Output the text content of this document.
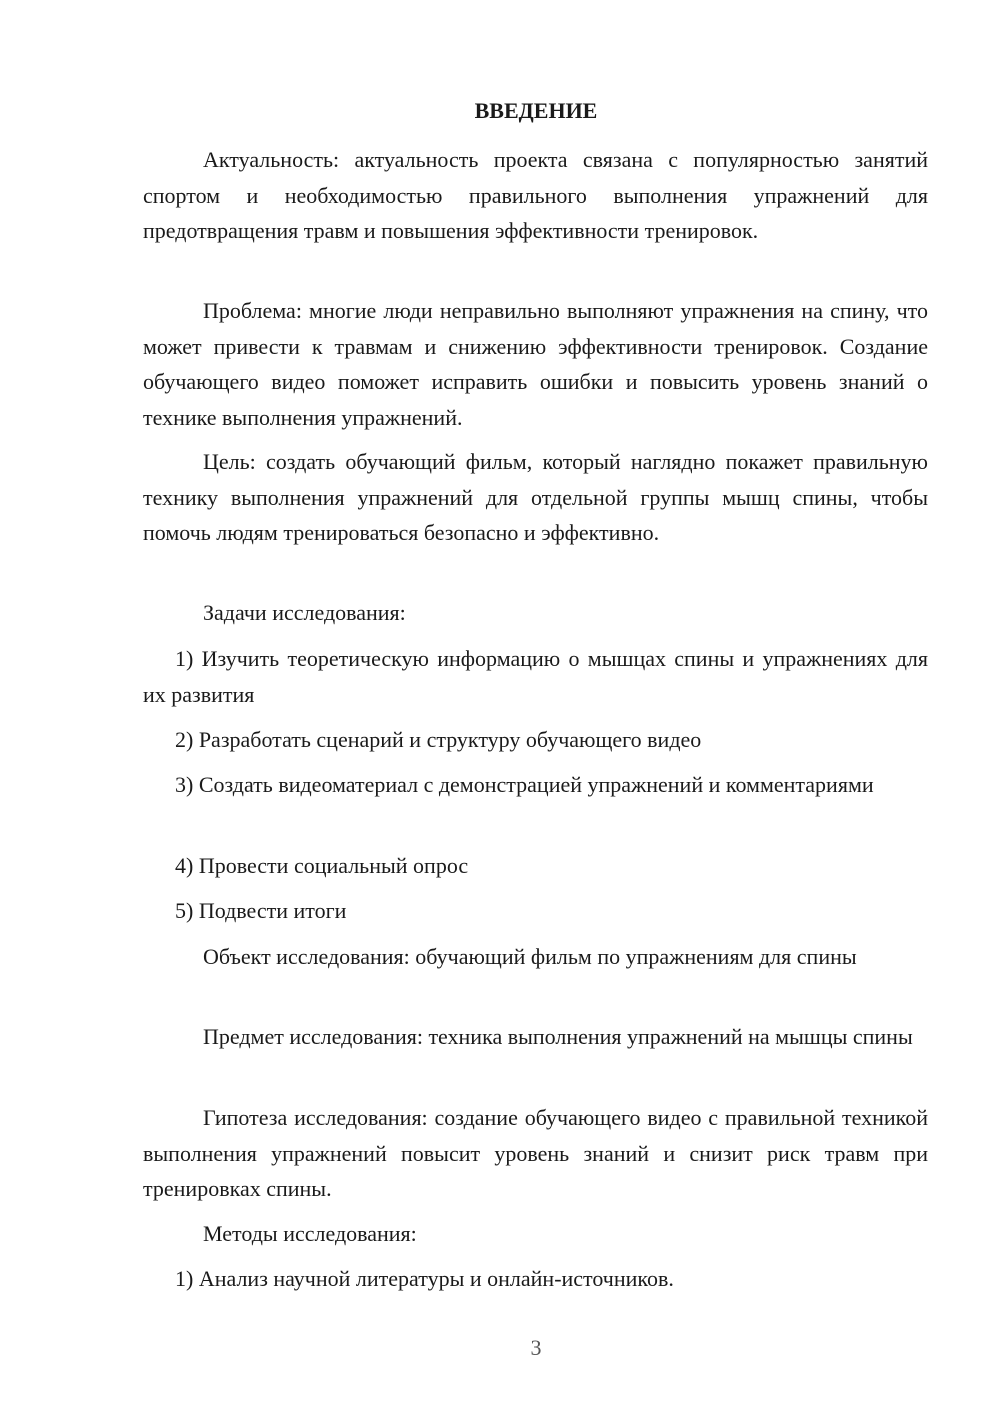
ВВЕДЕНИЕ

Актуальность: актуальность проекта связана с популярностью занятий спортом и необходимостью правильного выполнения упражнений для предотвращения травм и повышения эффективности тренировок.

Проблема: многие люди неправильно выполняют упражнения на спину, что может привести к травмам и снижению эффективности тренировок. Создание обучающего видео поможет исправить ошибки и повысить уровень знаний о технике выполнения упражнений.

Цель: создать обучающий фильм, который наглядно покажет правильную технику выполнения упражнений для отдельной группы мышц спины, чтобы помочь людям тренироваться безопасно и эффективно.

Задачи исследования:

1) Изучить теоретическую информацию о мышцах спины и упражнениях для их развития

2) Разработать сценарий и структуру обучающего видео

3) Создать видеоматериал с демонстрацией упражнений и комментариями

4) Провести социальный опрос

5) Подвести итоги

Объект исследования: обучающий фильм по упражнениям для спины

Предмет исследования: техника выполнения упражнений на мышцы спины

Гипотеза исследования: создание обучающего видео с правильной техникой выполнения упражнений повысит уровень знаний и снизит риск травм при тренировках спины.

Методы исследования:

1) Анализ научной литературы и онлайн-источников.

3
